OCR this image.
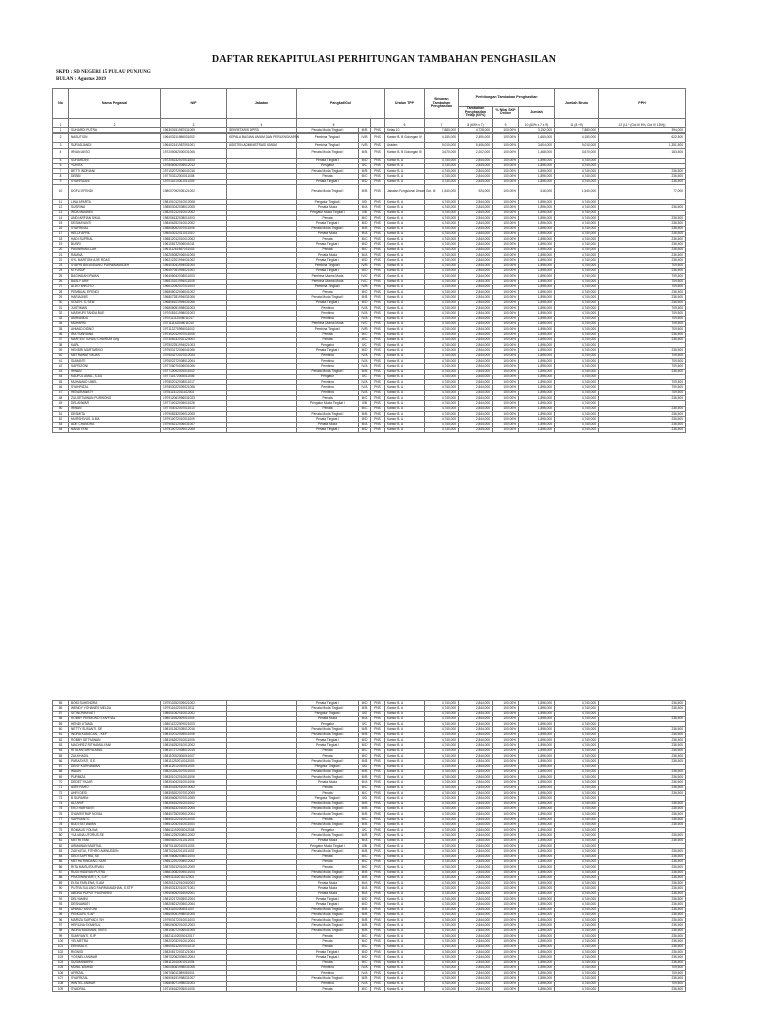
DAFTAR REKAPITULASI PERHITUNGAN TAMBAHAN PENGHASILAN
SKPD : SD NEGERI 15 PULAU PUNJUNG
BULAN : Agustus 2019
No	Nama Pegawai	NIP	Jabatan	Pangkat/Gol		Uraian TPP	Besaran Tambahan Penghasilan	Perhitungan Tambahan Penghasilan			Jumlah Bruto	PPH
								Tambahan Penghasilan Tetap (60%)	% Nilai SKP Online	Jumlah		
1	2	3	4	5		6	7	8 (60% x 7)	9	10 (60% x 7 x 9)	11 (8 +9)	12 (11 * (Gol III 5%, Gol IV 15%))
1	SUHARDI PUTRA	196303151987031009	SEKRETARIS DPRD	Penata Muda Tingkat I	III/B	PNS	Kelas 10	7,880,000	4,728,000	100.00%	3,152,000	7,880,000	394,000
2	NASUTION	196403211986031002	KEPALA BAGIAN UMUM DAN PERLENGKAPAN	Pembina Tingkat I	IV/B	PNS	Kantor B. B Golongan IV	4,150,000	2,490,000	100.00%	1,660,000	4,150,000	622,500
3	SURADJANDI	196402141987091001	ASISTEN ADMINISTRASI UMUM	Pembina Tingkat I	IV/B	PNS	Asisten	9,010,000	5,406,000	100.00%	3,604,000	9,010,000	1,351,500
4	IRVAN AKSO	197205052000031006		Penata Muda Tingkat I	III/B	PNS	Kantor B. B Golongan III	3,670,000	2,202,000	100.00%	1,468,000	3,670,000	183,500
5	SUHARDINI	197205232007011004		Penata Tingkat I	III/D	PNS	Kantor B. A	4,740,000	2,844,000	100.00%	1,896,000	4,740,000	
6	YUNITA	197806052005012012		Pengatur	II/C	PNS	Kantor B. A	4,740,000	2,844,000	100.00%	1,896,000	4,740,000	
7	BETTI INDRIANI	197102072006041016		Penata Muda Tingkat I	III/B	PNS	Kantor B. A	4,740,000	2,844,000	100.00%	1,896,000	4,740,000	236,500
8	DEBBI	197703112000011008		Penata	III/C	PNS	Kantor B. A	4,740,000	2,844,000	100.00%	1,896,000	4,740,000	236,500
9	SYAHRIJANI	197011010001011009		Penata Tingkat I	III/D	PNS	Kantor B. A	4,740,000	2,844,000	100.00%	1,896,000	4,740,000	236,500
10	DOFLI EFENDI	198007092005121002		Penata Muda Tingkat I	III/B	PNS	Jabatan Fungsional Umum Gol. III	1,540,000	924,000	100.00%	616,000	1,540,000	77,000
11	LINA APARTA	198101012010012008		Pengatur Tingkat I	II/D	PNS	Kantor B. A	4,740,000	2,844,000	100.00%	1,896,000	4,740,000	
12	SUSRINA	198503042008012005		Penata Muda	III/A	PNS	Kantor B. A	4,740,000	2,844,000	100.00%	1,896,000	4,740,000	236,500
13	IRDA MAIANNI	198201012010012002		Pengatur Muda Tingkat I	II/B	PNS	Kantor B. A	4,740,000	2,844,000	100.00%	1,896,000	4,740,000	
14	ANDI ARFIAN SIKAL	198206132008011003		Penata	III/C	PNS	Kantor B. A	4,740,000	2,844,000	100.00%	1,896,000	4,740,000	236,500
15	DESMAYANTI	198406252010012002		Penata Tingkat I	III/D	PNS	Kantor B. A	4,740,000	2,844,000	100.00%	1,896,000	4,740,000	236,500
16	SYAFRINAL	198808052007011006		Penata Muda Tingkat I	III/B	PNS	Kantor B. A	4,740,000	2,844,000	100.00%	1,896,000	4,740,000	236,500
17	HELDI APRIL	198003012011011010		Penata Muda	III/A	PNS	Kantor B. A	4,740,000	2,844,000	100.00%	1,896,000	4,740,000	236,500
18	HADI SUPRIAL	198812012010012002		Penata	III/C	PNS	Kantor B. A	4,740,000	2,844,000	100.00%	1,896,000	4,740,000	236,500
19	BUSRI	196108172006041011		Penata Tingkat I	III/D	PNS	Kantor B. A	4,740,000	2,844,000	100.00%	1,896,000	4,740,000	236,500
20	PASWIRMULLAH	196111261987031003		Penata	III/C	PNS	Kantor B. A	4,740,000	2,844,000	100.00%	1,896,000	4,740,000	236,500
21	RAMNA	196205082006041005		Penata Muda	III/A	PNS	Kantor B. A	4,740,000	2,844,000	100.00%	1,896,000	4,740,000	236,500
22	SYL MARTONI AJIS ROAS	196212201994031002		Penata Tingkat I	III/D	PNS	Kantor B. A	4,740,000	2,844,000	100.00%	1,896,000	4,740,000	236,500
23	SYAFRI BIN ANDANG PURWAMANDEH	196403041994031004		Pembina Tingkat I	IV/B	PNS	Kantor B. A	4,740,000	2,844,000	100.00%	1,896,000	4,740,000	709,500
24	M.YUSUF	196407051994021001		Penata Tingkat I	III/D	PNS	Kantor B. A	4,740,000	2,844,000	100.00%	1,896,000	4,740,000	236,500
25	BAGINDAN IRWAN	196408042008011003		Pembina Utama Muda	IV/C	PNS	Kantor B. A	4,740,000	2,844,000	100.00%	1,896,000	4,740,000	709,500
26	BASLY ARIF	196610101994011005		Pembina Utama Muda	IV/C	PNS	Kantor B. A	4,740,000	2,844,000	100.00%	1,896,000	4,740,000	709,500
27	ALDO WIKOYO	196612052007011003		Pembina Tingkat I	IV/B	PNS	Kantor B. A	4,740,000	2,844,000	100.00%	1,896,000	4,740,000	709,500
28	PEMBUAL EFENDI	196808012006041002		Penata	III/C	PNS	Kantor B. A	4,740,000	2,844,000	100.00%	1,896,000	4,740,000	236,500
29	HARIAJNIS	196807281994031006		Penata Muda Tingkat I	III/B	PNS	Kantor B. A	4,740,000	2,844,000	100.00%	1,896,000	4,740,000	236,500
30	SOLEH. S. SEM	196808101994031006		Penata Tingkat I	III/D	PNS	Kantor B. A	4,740,000	2,844,000	100.00%	1,896,000	4,740,000	236,500
31	JUSTIMAN	196808051998031003		Pembina	IV/A	PNS	Kantor B. A	4,740,000	2,844,000	100.00%	1,896,000	4,740,000	709,500
32	MASHURI TANDA BUE	197008101998031003		Pembina	IV/A	PNS	Kantor B. A	4,740,000	2,844,000	100.00%	1,896,000	4,740,000	709,500
33	AMRIANDA	197011112008011017		Pembina	IV/A	PNS	Kantor B. A	4,740,000	2,844,000	100.00%	1,896,000	4,740,000	709,500
34	MUHARRI	197111142008011010		Pembina Utama Muda	IV/C	PNS	Kantor B. A	4,740,000	2,844,000	100.00%	1,896,000	4,740,000	709,500
35	AHMAD DIDNO	197112270998031002		Pembina Tingkat I	IV/B	PNS	Kantor B. A	4,740,000	2,844,000	100.00%	1,896,000	4,740,000	709,500
36	IRA YUBRIANA	197302012007011006		Penata	III/C	PNS	Kantor B. A	4,740,000	2,844,000	100.00%	1,896,000	4,740,000	236,500
37	MARTEN TUNDU CHAIRUM Gng	197308232002120001		Penata	III/C	PNS	Kantor B. A	4,740,000	2,844,000	100.00%	1,896,000	4,740,000	236,500
38	KARL	197502251994021003		Pengatur	II/C	PNS	Kantor B. A	4,740,000	2,844,000	100.00%	1,896,000	4,740,000	
39	HENDRI MARTARIKO	197503172006041006		Penata Tingkat I	III/D	PNS	Kantor B. A	4,740,000	2,844,000	100.00%	1,896,000	4,740,000	236,500
40	METRAWATI MUAS	197504272007012024		Pembina	IV/A	PNS	Kantor B. A	4,740,000	2,844,000	100.00%	1,896,000	4,740,000	709,500
41	SUMANTI	197602272008012004		Pembina	IV/A	PNS	Kantor B. A	4,740,000	2,844,000	100.00%	1,896,000	4,740,000	709,500
42	SAFRIZONI	197708070006031006		Pembina	IV/A	PNS	Kantor B. A	4,740,000	2,844,000	100.00%	1,896,000	4,740,000	709,500
43	IRWAN	197710092001011002		Penata Muda Tingkat I	III/B	PNS	Kantor B. A	4,740,000	2,844,000	100.00%	1,896,000	4,740,000	236,500
44	KAUFUL AMAL, S.AG	197711072005011006		Pengatur	II/C	PNS	Kantor B. A	4,740,000	2,844,000	100.00%	1,896,000	4,740,000	
45	MUHAMAD UMEL	197802012008011017		Pembina	IV/A	PNS	Kantor B. A	4,740,000	2,844,000	100.00%	1,896,000	4,740,000	709,500
46	SYAHRIZAL	197803022009021006		Pembina	IV/A	PNS	Kantor B. A	4,740,000	2,844,000	100.00%	1,896,000	4,740,000	709,500
47	HENDRAWATY	197811412011102001		Pembina	IV/A	PNS	Kantor B. A	4,740,000	2,844,000	100.00%	1,896,000	4,740,000	709,500
48	ZULSETIAWAN PURWONO	197912061996031023		Penata	III/C	PNS	Kantor B. A	4,740,000	2,844,000	100.00%	1,896,000	4,740,000	236,500
49	DELANWAR	197710012005011028		Pengatur Muda Tingkat I	II/B	PNS	Kantor B. A	4,740,000	2,844,000	100.00%	1,896,000	4,740,000	
50	IRWAN	197704012007011010		Penata	III/C	PNS	Kantor B. A	4,740,000	2,844,000	100.00%	1,896,000	4,740,000	236,500
51	DESMITA	197908232009012005		Penata Muda Tingkat I	III/B	PNS	Kantor B. A	4,740,000	2,844,000	100.00%	1,896,000	4,740,000	236,500
52	MURSHIVUS. A.MA	197910072010011009		Penata Tingkat I	III/D	PNS	Kantor B. A	4,740,000	2,844,000	100.00%	1,896,000	4,740,000	236,500
53	ADE CHANDRA	197906212006031007		Penata Muda	III/A	PNS	Kantor B. A	4,740,000	2,844,000	100.00%	1,896,000	4,740,000	236,500
54	NANA YENI	197910072009012008		Penata Tingkat I	III/D	PNS	Kantor B. A	4,740,000	2,844,000	100.00%	1,896,000	4,740,000	236,500
55	BOBI SUHENDRA	197910252009021002		Penata Tingkat I	III/D	PNS	Kantor B. A	4,740,000	2,844,000	100.00%	1,896,000	4,740,000	236,500
56	WENDY YOHANES MELDA	197911042010012011		Penata Muda Tingkat I	III/B	PNS	Kantor B. A	4,740,000	2,844,000	100.00%	1,896,000	4,740,000	236,500
57	SITINORHAYATI	198001062010012002		Pengatur Tingkat I	II/D	PNS	Kantor B. A	4,740,000	2,844,000	100.00%	1,896,000	4,740,000	
58	ROBBY PERMONO SYAFRIAL	198011082009011003		Penata Muda	III/A	PNS	Kantor B. A	4,740,000	2,844,000	100.00%	1,896,000	4,740,000	236,500
59	HENDI UTAMA	198011222009021003		Pengatur	II/C	PNS	Kantor B. A	4,740,000	2,844,000	100.00%	1,896,000	4,740,000	
60	NETTY SUSANTI, SE	198101262005012016		Penata Muda Tingkat I	III/B	PNS	Kantor B. A	4,740,000	2,844,000	100.00%	1,896,000	4,740,000	236,500
61	INDRA KADACAN, . KEP	198102012005011008		Penata Muda Tingkat I	III/B	PNS	Kantor B. A	4,740,000	2,844,000	100.00%	1,896,000	4,740,000	236,500
62	ROBBY SETYAWAN	198106202010011005		Penata Tingkat I	III/D	PNS	Kantor B. A	4,740,000	2,844,000	100.00%	1,896,000	4,740,000	236,500
63	MACHREZ RITHAMULYANI	198106252010012002		Penata Tingkat I	III/D	PNS	Kantor B. A	4,740,000	2,844,000	100.00%	1,896,000	4,740,000	236,500
64	RITA ANTARIYA ABDL	198107272008012015		Penata	III/C	PNS	Kantor B. A	4,740,000	2,844,000	100.00%	1,896,000	4,740,000	236,500
65	ZULKHADIL	198110052006041007		Penata	III/C	PNS	Kantor B. A	4,740,000	2,844,000	100.00%	1,896,000	4,740,000	236,500
66	PARASYATI, S.E.	198111252010012003		Penata Muda Tingkat I	III/B	PNS	Kantor B. A	4,740,000	2,844,000	100.00%	1,896,000	4,740,000	236,500
67	DENY KURNIAWAN	198112012010011003		Pengatur Tingkat I	II/D	PNS	Kantor B. A	4,740,000	2,844,000	100.00%	1,896,000	4,740,000	
68	WAUKI	198203262007011004		Penata Muda Tingkat I	III/B	PNS	Kantor B. A	4,740,000	2,844,000	100.00%	1,896,000	4,740,000	236,500
69	PURMIZA	198301012010011006		Penata Muda Tingkat I	III/B	PNS	Kantor B. A	4,740,000	2,844,000	100.00%	1,896,000	4,740,000	236,500
70	DEDET FAJAR	198304042010011006		Penata Muda	III/A	PNS	Kantor B. A	4,740,000	2,844,000	100.00%	1,896,000	4,740,000	236,500
71	ASRI RAHO	198304152010010002		Penata	III/C	PNS	Kantor B. A	4,740,000	2,844,000	100.00%	1,896,000	4,740,000	236,500
72	AHRI DESI	198305202007012009		Penata	III/C	PNS	Kantor B. A	4,740,000	2,844,000	100.00%	1,896,000	4,740,000	236,500
73	B SURARNI	198306052007012009		Pengatur Tingkat I	II/D	PNS	Kantor B. A	4,740,000	2,844,000	100.00%	1,896,000	4,740,000	
74	ALI ARIF	198306152010011002		Penata Muda Tingkat I	III/B	PNS	Kantor B. A	4,740,000	2,844,000	100.00%	1,896,000	4,740,000	236,500
75	EKO HARYANTI	198406232010012005		Penata Muda Tingkat I	III/B	PNS	Kantor B. A	4,740,000	2,844,000	100.00%	1,896,000	4,740,000	236,500
76	SYAMSITRAP NOVAL	198407252009012004		Penata Muda Tingkat I	III/B	PNS	Kantor B. A	4,740,000	2,844,000	100.00%	1,896,000	4,740,000	236,500
77	SAPRIANTO	198501022010011005		Penata	III/C	PNS	Kantor B. A	4,740,000	2,844,000	100.00%	1,896,000	4,740,000	236,500
78	BUDI SETIAWAN	198512042010011003		Penata Muda Tingkat I	III/B	PNS	Kantor B. A	4,740,000	2,844,000	100.00%	1,896,000	4,740,000	236,500
79	ROMAUS YOLINA	198611192008012008		Pengatur	II/C	PNS	Kantor B. A	4,740,000	2,844,000	100.00%	1,896,000	4,740,000	
80	YULIANA UTORUS.SE	198612252008012002		Penata Muda Tingkat I	III/B	PNS	Kantor B. A	4,740,000	2,844,000	100.00%	1,896,000	4,740,000	236,500
81	METRI YANI	198608202011012001		Penata Muda	III/A	PNS	Kantor B. A	4,740,000	2,844,000	100.00%	1,896,000	4,740,000	236,500
82	ARMAWAN MARTIAL	198701182010011003		Pengatur Muda Tingkat I	II/B	PNS	Kantor B. A	4,740,000	2,844,000	100.00%	1,896,000	4,740,000	
83	ZAKYATUL FITHRO AMINUDDIN	198702162011011002		Penata Muda Tingkat I	III/B	PNS	Kantor B. A	4,740,000	2,844,000	100.00%	1,896,000	4,740,000	236,500
84	DEDI SAPTRIA, SE	198708082008011004		Penata	III/C	PNS	Kantor B. A	4,740,000	2,844,000	100.00%	1,896,000	4,740,000	236,500
85	METHA RINDANG SARI	198612202008012002		Penata	III/C	PNS	Kantor B. A	4,740,000	2,844,000	100.00%	1,896,000	4,740,000	236,500
86	RITA MAISUITA IRVAN	198705212010012009		Penata	III/C	PNS	Kantor B. A	4,740,000	2,844,000	100.00%	1,896,000	4,740,000	236,500
87	RUDI HIDAYAN PUTRA	198810082009011004		Penata Muda Tingkat I	III/B	PNS	Kantor B. A	4,740,000	2,844,000	100.00%	1,896,000	4,740,000	236,500
88	PRATIWINHARTI, K, S.IP	198911152011012001		Penata Muda Tingkat I	III/B	PNS	Kantor B. A	4,740,000	2,844,000	100.00%	1,896,000	4,740,000	236,500
89	ELSA FARLENA, S.AM	199201212010062003		Penata Muda	III/A	PNS	Kantor B. A	4,740,000	2,844,000	100.00%	1,896,000	4,740,000	236,500
90	PUTRA SULUNG FAIRRAMADHAN, S.STP	199403132010071001		Penata Muda	III/A	PNS	Kantor B. A	4,740,000	2,844,000	100.00%	1,896,000	4,740,000	236,500
91	ABDNU PUPUT PUSPARINI	199406052016092001		Penata Muda	III/A	PNS	Kantor B. A	4,740,000	2,844,000	100.00%	1,896,000	4,740,000	236,500
92	DELYAMINI	198102172005012004		Penata Tingkat I	III/D	PNS	Kantor B. A	4,740,000	2,844,000	100.00%	1,896,000	4,740,000	236,500
93	DESNAWATI	198208212005012004		Penata Tingkat I	III/D	PNS	Kantor B. A	4,740,000	2,844,000	100.00%	1,896,000	4,740,000	236,500
94	AHMAD YANTONI	198311052008011007		Penata Muda Tingkat I	III/B	PNS	Kantor B. A	4,740,000	2,844,000	100.00%	1,896,000	4,740,000	236,500
95	PENGURI, S.AP	198605051998031005		Penata Muda Tingkat I	III/B	PNS	Kantor B. A	4,740,000	2,844,000	100.00%	1,896,000	4,740,000	236,500
96	MARIZA SURYADI, SH	197903172010011003		Penata Muda Tingkat I	III/B	PNS	Kantor B. A	4,740,000	2,844,000	100.00%	1,896,000	4,740,000	236,500
97	HERLINA SYAMSUL	198006052010012003		Penata Muda Tingkat I	III/B	PNS	Kantor B. A	4,740,000	2,844,000	100.00%	1,896,000	4,740,000	236,500
98	INDRA BUDIMAN, SKES	198106072006041005		Penata Muda Tingkat I	III/B	PNS	Kantor B. A	4,740,000	2,844,000	100.00%	1,896,000	4,740,000	236,500
99	SUMIYANTI, S.IP	198211102005012017		Penata	III/C	PNS	Kantor B. A	4,740,000	2,844,000	100.00%	1,896,000	4,740,000	236,500
100	YELMETRA	198202032010012004		Penata	III/C	PNS	Kantor B. A	4,740,000	2,844,000	100.00%	1,896,000	4,740,000	236,500
101	ERNISAL E	198005212007011010		Penata	III/C	PNS	Kantor B. A	4,740,000	2,844,000	100.00%	1,896,000	4,740,000	236,500
102	RIGNIGI	198208172002121004		Penata Tingkat I	III/D	PNS	Kantor B. A	4,740,000	2,844,000	100.00%	1,896,000	4,740,000	236,500
103	YOSNELI ANWAR	198702062005012004		Penata Tingkat I	III/D	PNS	Kantor B. A	4,740,000	2,844,000	100.00%	1,896,000	4,740,000	236,500
104	SUSMAWARNI	198112040001011004		Penata	III/C	PNS	Kantor B. A	4,740,000	2,844,000	100.00%	1,896,000	4,740,000	236,500
105	MUNIL WAHIDI	196006081998031008		Pembina	IV/A	PNS	Kantor B. A	4,740,000	2,844,000	100.00%	1,896,000	4,740,000	709,500
106	AFRIZAL	196708011989081001		Pembina	IV/A	PNS	Kantor B. A	4,740,000	2,844,000	100.00%	1,896,000	4,740,000	709,500
107	SYAFRIZAL	196506191998031007		Penata Muda Tingkat I	III/B	PNS	Kantor B. A	4,740,000	2,844,000	100.00%	1,896,000	4,740,000	236,500
108	WINTEL ANWAR	196808071998031003		Pembina	IV/A	PNS	Kantor B. A	4,740,000	2,844,000	100.00%	1,896,000	4,740,000	709,500
109	SYADRAL	197106162005011005		Penata	III/C	PNS	Kantor B. A	4,740,000	2,844,000	100.00%	1,896,000	4,740,000	236,500
